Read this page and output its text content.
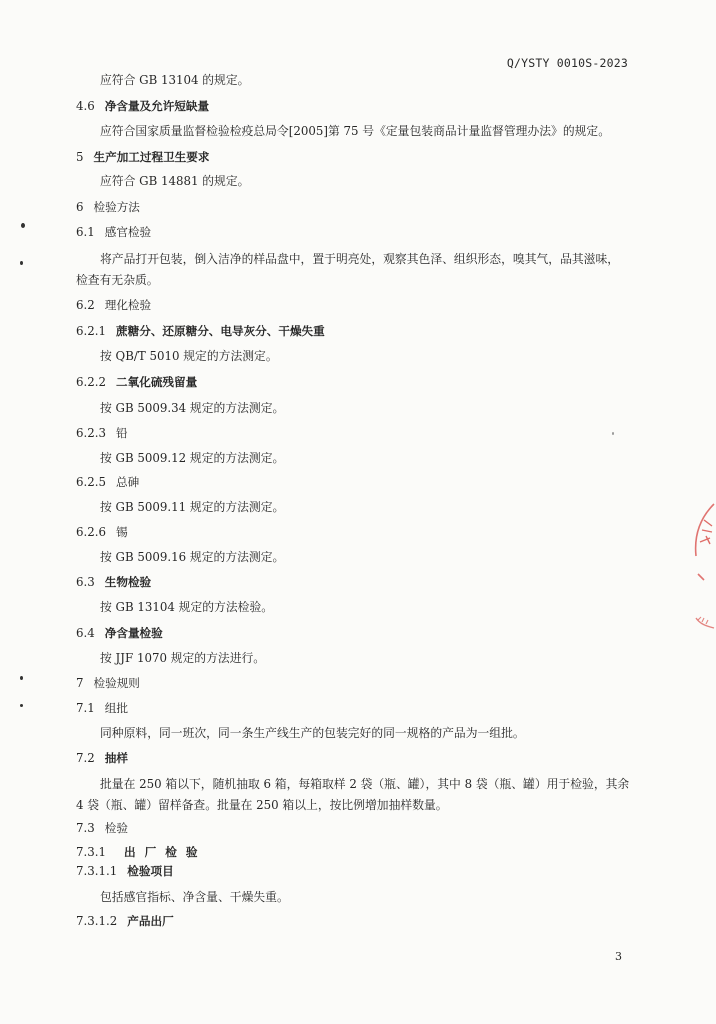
Q/YSTY 0010S-2023
应符合 GB 13104 的规定。
4.6 净含量及允许短缺量
应符合国家质量监督检验检疫总局令[2005]第 75 号《定量包装商品计量监督管理办法》的规定。
5 生产加工过程卫生要求
应符合 GB 14881 的规定。
6 检验方法
6.1 感官检验
将产品打开包装，倒入洁净的样品盘中，置于明亮处，观察其色泽、组织形态，嗅其气，品其滋味，检查有无杂质。
6.2 理化检验
6.2.1 蔗糖分、还原糖分、电导灰分、干燥失重
按 QB/T 5010 规定的方法测定。
6.2.2 二氧化硫残留量
按 GB 5009.34 规定的方法测定。
6.2.3 铅
按 GB 5009.12 规定的方法测定。
6.2.5 总砷
按 GB 5009.11 规定的方法测定。
6.2.6 锡
按 GB 5009.16 规定的方法测定。
6.3 生物检验
按 GB 13104 规定的方法检验。
6.4 净含量检验
按 JJF 1070 规定的方法进行。
7 检验规则
7.1 组批
同种原料，同一班次，同一条生产线生产的包装完好的同一规格的产品为一组批。
7.2 抽样
批量在 250 箱以下，随机抽取 6 箱，每箱取样 2 袋（瓶、罐），其中 8 袋（瓶、罐）用于检验，其余 4 袋（瓶、罐）留样备查。批量在 250 箱以上，按比例增加抽样数量。
7.3 检验
7.3.1 出厂检验
7.3.1.1 检验项目
包括感官指标、净含量、干燥失重。
7.3.1.2 产品出厂
3
